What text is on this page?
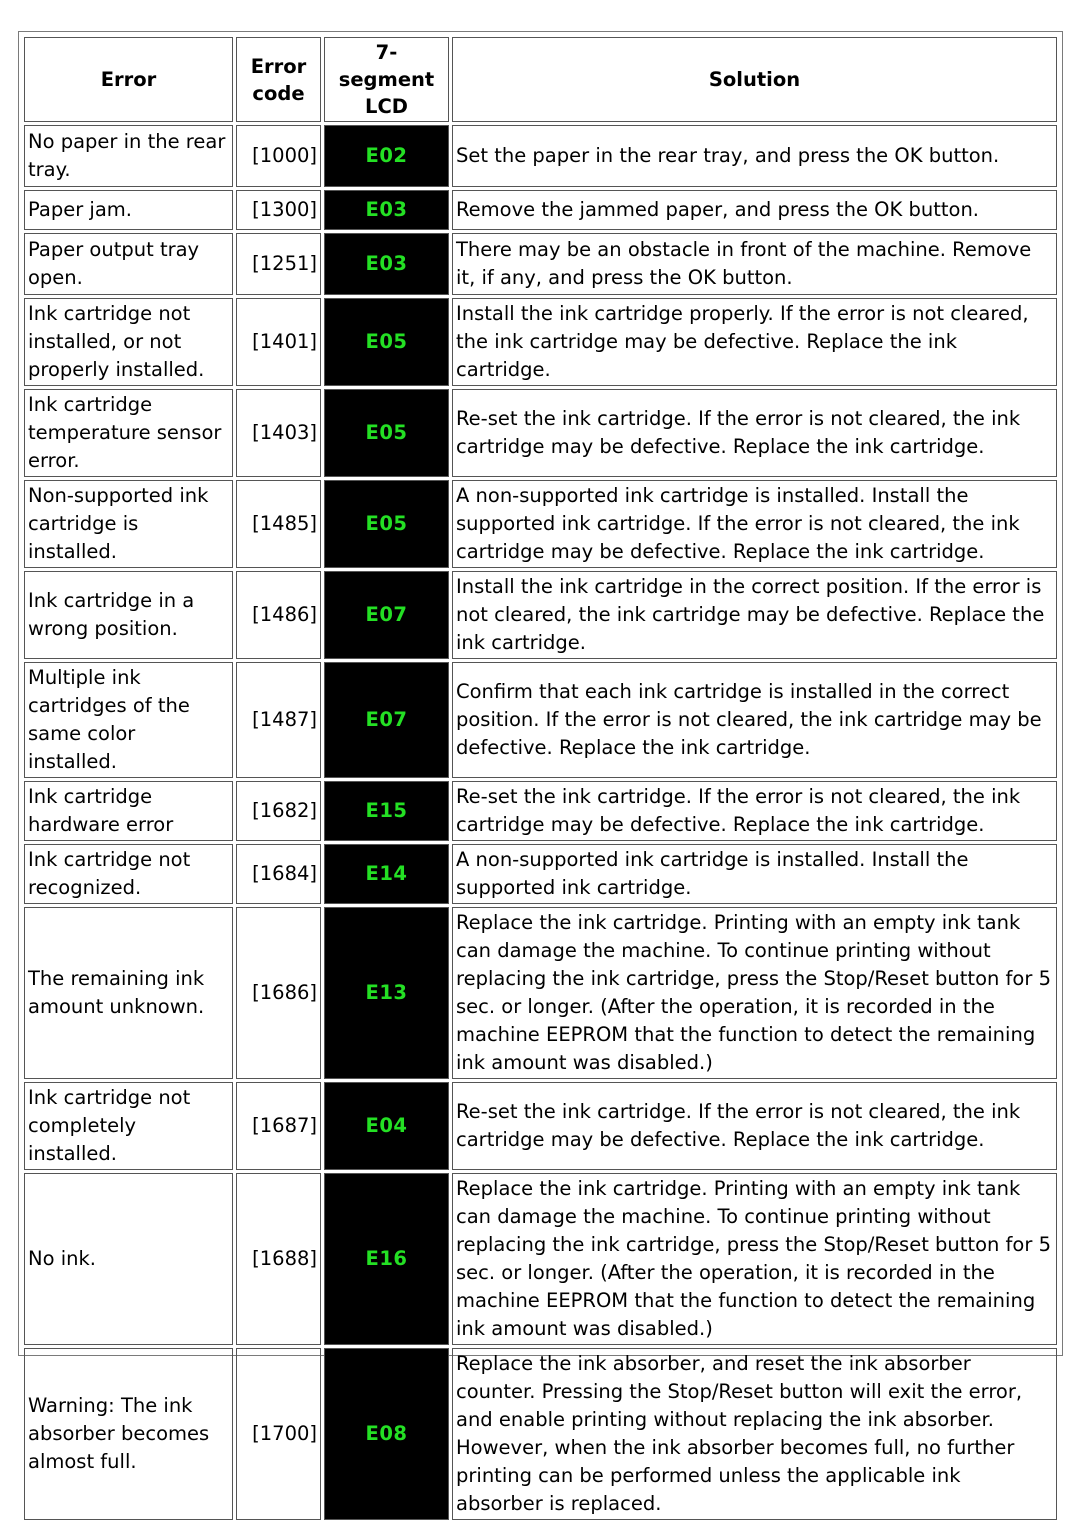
Error	Error code	7-segment LCD	Solution
No paper in the rear tray.	[1000]	E02	Set the paper in the rear tray, and press the OK button.
Paper jam.	[1300]	E03	Remove the jammed paper, and press the OK button.
Paper output tray open.	[1251]	E03	There may be an obstacle in front of the machine. Remove it, if any, and press the OK button.
Ink cartridge not installed, or not properly installed.	[1401]	E05	Install the ink cartridge properly. If the error is not cleared, the ink cartridge may be defective. Replace the ink cartridge.
Ink cartridge temperature sensor error.	[1403]	E05	Re-set the ink cartridge. If the error is not cleared, the ink cartridge may be defective. Replace the ink cartridge.
Non-supported ink cartridge is installed.	[1485]	E05	A non-supported ink cartridge is installed. Install the supported ink cartridge. If the error is not cleared, the ink cartridge may be defective. Replace the ink cartridge.
Ink cartridge in a wrong position.	[1486]	E07	Install the ink cartridge in the correct position. If the error is not cleared, the ink cartridge may be defective. Replace the ink cartridge.
Multiple ink cartridges of the same color installed.	[1487]	E07	Confirm that each ink cartridge is installed in the correct position. If the error is not cleared, the ink cartridge may be defective. Replace the ink cartridge.
Ink cartridge hardware error	[1682]	E15	Re-set the ink cartridge. If the error is not cleared, the ink cartridge may be defective. Replace the ink cartridge.
Ink cartridge not recognized.	[1684]	E14	A non-supported ink cartridge is installed. Install the supported ink cartridge.
The remaining ink amount unknown.	[1686]	E13	Replace the ink cartridge. Printing with an empty ink tank can damage the machine. To continue printing without replacing the ink cartridge, press the Stop/Reset button for 5 sec. or longer. (After the operation, it is recorded in the machine EEPROM that the function to detect the remaining ink amount was disabled.)
Ink cartridge not completely installed.	[1687]	E04	Re-set the ink cartridge. If the error is not cleared, the ink cartridge may be defective. Replace the ink cartridge.
No ink.	[1688]	E16	Replace the ink cartridge. Printing with an empty ink tank can damage the machine. To continue printing without replacing the ink cartridge, press the Stop/Reset button for 5 sec. or longer. (After the operation, it is recorded in the machine EEPROM that the function to detect the remaining ink amount was disabled.)
Warning: The ink absorber becomes almost full.	[1700]	E08	Replace the ink absorber, and reset the ink absorber counter. Pressing the Stop/Reset button will exit the error, and enable printing without replacing the ink absorber. However, when the ink absorber becomes full, no further printing can be performed unless the applicable ink absorber is replaced.
